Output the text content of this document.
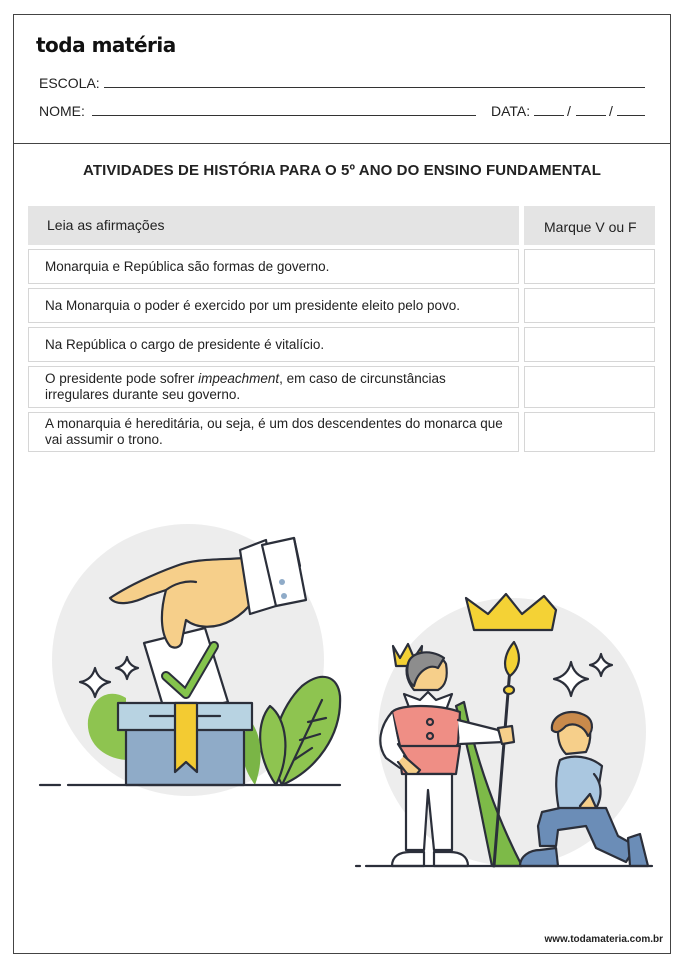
toda matéria
ESCOLA:
NOME:	DATA:	/	/
ATIVIDADES DE HISTÓRIA PARA O 5º ANO DO ENSINO FUNDAMENTAL
Leia as afirmações	Marque V ou F
Monarquia e República são formas de governo.
Na Monarquia o poder é exercido por um presidente eleito pelo povo.
Na República o cargo de presidente é vitalício.
O presidente pode sofrer impeachment, em caso de circunstâncias irregulares durante seu governo.
A monarquia é hereditária, ou seja, é um dos descendentes do monarca que vai assumir o trono.
www.todamateria.com.br
